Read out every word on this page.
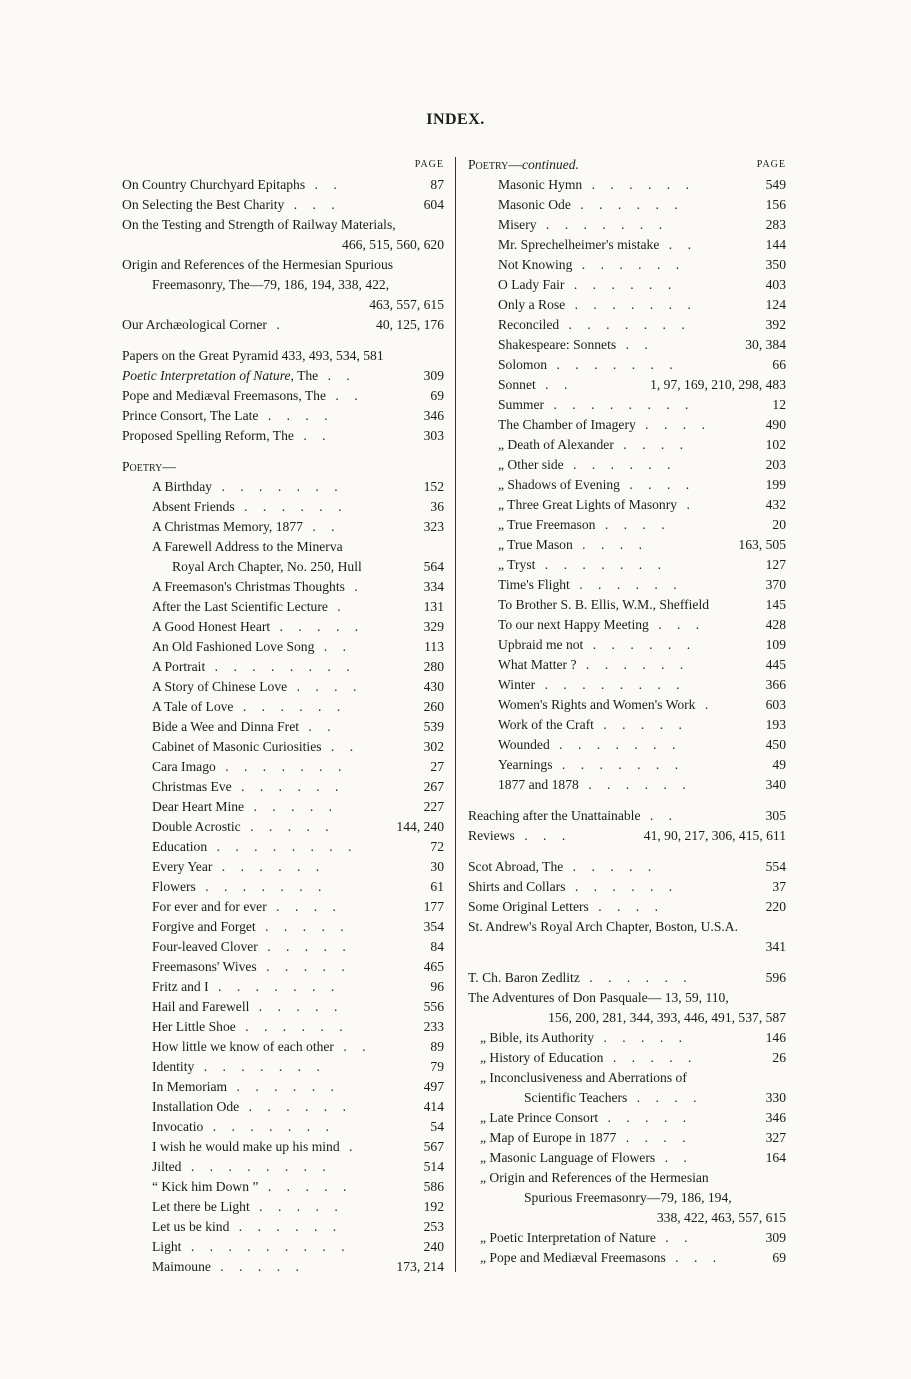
INDEX.
PAGE
On Country Churchyard Epitaphs . .	87
On Selecting the Best Charity . . .	604
On the Testing and Strength of Railway Materials,
466, 515, 560, 620
Origin and References of the Hermesian Spurious
Freemasonry, The—79, 186, 194, 338, 422,
463, 557, 615
Our Archæological Corner .	40, 125, 176
Papers on the Great Pyramid 433, 493, 534, 581
Poetic Interpretation of Nature, The . .	309
Pope and Mediæval Freemasons, The . .	69
Prince Consort, The Late . . . .	346
Proposed Spelling Reform, The . .	303
Poetry—
A Birthday . . . . . . .	152
Absent Friends . . . . . .	36
A Christmas Memory, 1877 . .	323
A Farewell Address to the Minerva
Royal Arch Chapter, No. 250, Hull	564
A Freemason's Christmas Thoughts .	334
After the Last Scientific Lecture .	131
A Good Honest Heart . . . . .	329
An Old Fashioned Love Song . .	113
A Portrait . . . . . . . .	280
A Story of Chinese Love . . . .	430
A Tale of Love . . . . . .	260
Bide a Wee and Dinna Fret . .	539
Cabinet of Masonic Curiosities . .	302
Cara Imago . . . . . . .	27
Christmas Eve . . . . . .	267
Dear Heart Mine . . . . .	227
Double Acrostic . . . . .	144, 240
Education . . . . . . . .	72
Every Year . . . . . .	30
Flowers . . . . . . .	61
For ever and for ever . . . .	177
Forgive and Forget . . . . .	354
Four-leaved Clover . . . . .	84
Freemasons' Wives . . . . .	465
Fritz and I . . . . . . .	96
Hail and Farewell . . . . .	556
Her Little Shoe . . . . . .	233
How little we know of each other . .	89
Identity . . . . . . .	79
In Memoriam . . . . . .	497
Installation Ode . . . . . .	414
Invocatio . . . . . . .	54
I wish he would make up his mind .	567
Jilted . . . . . . . .	514
“ Kick him Down ” . . . . .	586
Let there be Light . . . . .	192
Let us be kind . . . . . .	253
Light . . . . . . . . .	240
Maimoune . . . . .	173, 214
Poetry—continued.	PAGE
Masonic Hymn . . . . . .	549
Masonic Ode . . . . . .	156
Misery . . . . . . .	283
Mr. Sprechelheimer's mistake . .	144
Not Knowing . . . . . .	350
O Lady Fair . . . . . .	403
Only a Rose . . . . . . .	124
Reconciled . . . . . . .	392
Shakespeare: Sonnets . .	30, 384
Solomon . . . . . . .	66
Sonnet . .	1, 97, 169, 210, 298, 483
Summer . . . . . . . .	12
The Chamber of Imagery . . . .	490
„ Death of Alexander . . . .	102
„ Other side . . . . . .	203
„ Shadows of Evening . . . .	199
„ Three Great Lights of Masonry .	432
„ True Freemason . . . .	20
„ True Mason . . . .	163, 505
„ Tryst . . . . . . .	127
Time's Flight . . . . . .	370
To Brother S. B. Ellis, W.M., Sheffield	145
To our next Happy Meeting . . .	428
Upbraid me not . . . . . .	109
What Matter ? . . . . . .	445
Winter . . . . . . . .	366
Women's Rights and Women's Work .	603
Work of the Craft . . . . .	193
Wounded . . . . . . .	450
Yearnings . . . . . . .	49
1877 and 1878 . . . . . .	340
Reaching after the Unattainable . .	305
Reviews . . .	41, 90, 217, 306, 415, 611
Scot Abroad, The . . . . .	554
Shirts and Collars . . . . . .	37
Some Original Letters . . . .	220
St. Andrew's Royal Arch Chapter, Boston, U.S.A.
341
T. Ch. Baron Zedlitz . . . . . .	596
The Adventures of Don Pasquale— 13, 59, 110,
156, 200, 281, 344, 393, 446, 491, 537, 587
„ Bible, its Authority . . . . .	146
„ History of Education . . . . .	26
„ Inconclusiveness and Aberrations of
Scientific Teachers . . . .	330
„ Late Prince Consort . . . . .	346
„ Map of Europe in 1877 . . . .	327
„ Masonic Language of Flowers . .	164
„ Origin and References of the Hermesian
Spurious Freemasonry—79, 186, 194,
338, 422, 463, 557, 615
„ Poetic Interpretation of Nature . .	309
„ Pope and Mediæval Freemasons . . .	69
